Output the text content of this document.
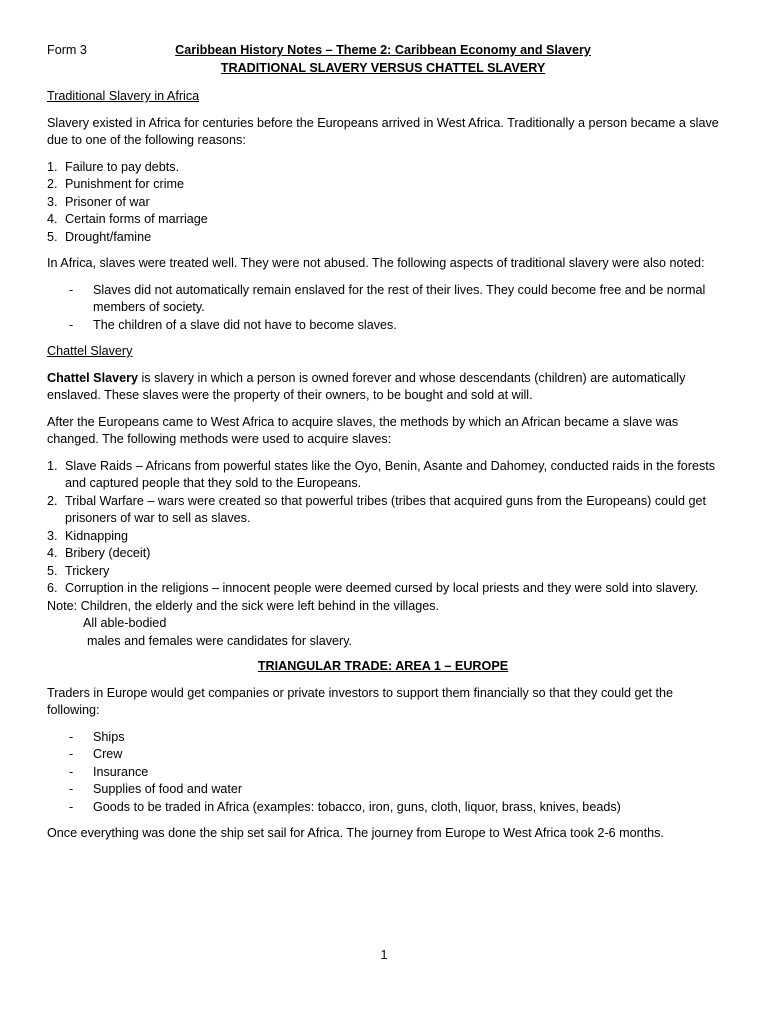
Form 3	Caribbean History Notes – Theme 2: Caribbean Economy and Slavery
TRADITIONAL SLAVERY VERSUS CHATTEL SLAVERY

Traditional Slavery in Africa

Slavery existed in Africa for centuries before the Europeans arrived in West Africa. Traditionally a person became a slave due to one of the following reasons:

1. Failure to pay debts.
2. Punishment for crime
3. Prisoner of war
4. Certain forms of marriage
5. Drought/famine

In Africa, slaves were treated well. They were not abused. The following aspects of traditional slavery were also noted:

- Slaves did not automatically remain enslaved for the rest of their lives. They could become free and be normal members of society.
- The children of a slave did not have to become slaves.

Chattel Slavery

Chattel Slavery is slavery in which a person is owned forever and whose descendants (children) are automatically enslaved. These slaves were the property of their owners, to be bought and sold at will.

After the Europeans came to West Africa to acquire slaves, the methods by which an African became a slave was changed. The following methods were used to acquire slaves:

1. Slave Raids – Africans from powerful states like the Oyo, Benin, Asante and Dahomey, conducted raids in the forests and captured people that they sold to the Europeans.
2. Tribal Warfare – wars were created so that powerful tribes (tribes that acquired guns from the Europeans) could get prisoners of war to sell as slaves.
3. Kidnapping
4. Bribery (deceit)
5. Trickery
6. Corruption in the religions – innocent people were deemed cursed by local priests and they were sold into slavery.

Note: Children, the elderly and the sick were left behind in the villages.

All able-bodied

males and females were candidates for slavery.

TRIANGULAR TRADE: AREA 1 – EUROPE

Traders in Europe would get companies or private investors to support them financially so that they could get the following:

- Ships
- Crew
- Insurance
- Supplies of food and water
- Goods to be traded in Africa (examples: tobacco, iron, guns, cloth, liquor, brass, knives, beads)

Once everything was done the ship set sail for Africa. The journey from Europe to West Africa took 2-6 months.

1
